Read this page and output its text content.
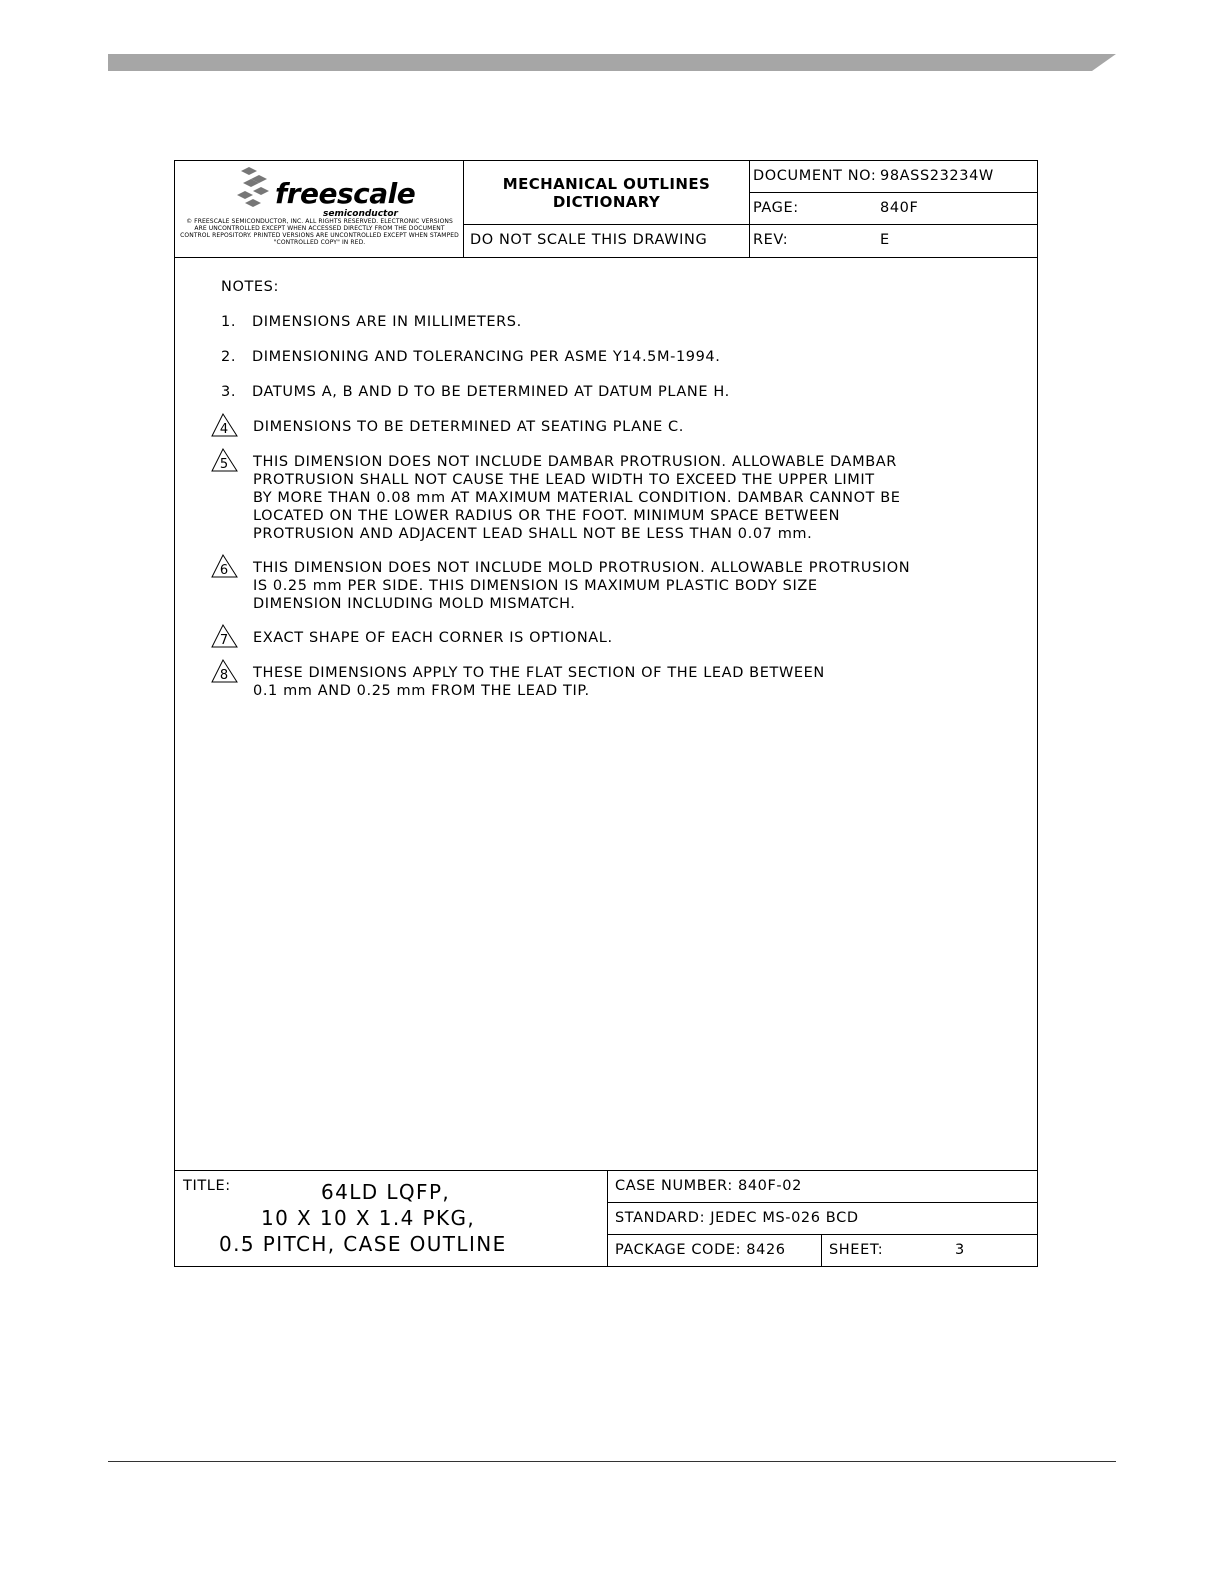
freescale
semiconductor
© FREESCALE SEMICONDUCTOR, INC. ALL RIGHTS RESERVED. ELECTRONIC VERSIONS ARE UNCONTROLLED EXCEPT WHEN ACCESSED DIRECTLY FROM THE DOCUMENT CONTROL REPOSITORY. PRINTED VERSIONS ARE UNCONTROLLED EXCEPT WHEN STAMPED "CONTROLLED COPY" IN RED.
MECHANICAL OUTLINES
DICTIONARY
DO NOT SCALE THIS DRAWING
DOCUMENT NO: 98ASS23234W
PAGE:	840F
REV:	E
NOTES:
1. DIMENSIONS ARE IN MILLIMETERS.
2. DIMENSIONING AND TOLERANCING PER ASME Y14.5M-1994.
3. DATUMS A, B AND D TO BE DETERMINED AT DATUM PLANE H.
4 DIMENSIONS TO BE DETERMINED AT SEATING PLANE C.
5 THIS DIMENSION DOES NOT INCLUDE DAMBAR PROTRUSION. ALLOWABLE DAMBAR
PROTRUSION SHALL NOT CAUSE THE LEAD WIDTH TO EXCEED THE UPPER LIMIT
BY MORE THAN 0.08 mm AT MAXIMUM MATERIAL CONDITION. DAMBAR CANNOT BE
LOCATED ON THE LOWER RADIUS OR THE FOOT. MINIMUM SPACE BETWEEN
PROTRUSION AND ADJACENT LEAD SHALL NOT BE LESS THAN 0.07 mm.
6 THIS DIMENSION DOES NOT INCLUDE MOLD PROTRUSION. ALLOWABLE PROTRUSION
IS 0.25 mm PER SIDE. THIS DIMENSION IS MAXIMUM PLASTIC BODY SIZE
DIMENSION INCLUDING MOLD MISMATCH.
7 EXACT SHAPE OF EACH CORNER IS OPTIONAL.
8 THESE DIMENSIONS APPLY TO THE FLAT SECTION OF THE LEAD BETWEEN
0.1 mm AND 0.25 mm FROM THE LEAD TIP.
TITLE:	64LD LQFP,
10 X 10 X 1.4 PKG,
0.5 PITCH, CASE OUTLINE
CASE NUMBER: 840F-02
STANDARD: JEDEC MS-026 BCD
PACKAGE CODE: 8426	SHEET:	3
